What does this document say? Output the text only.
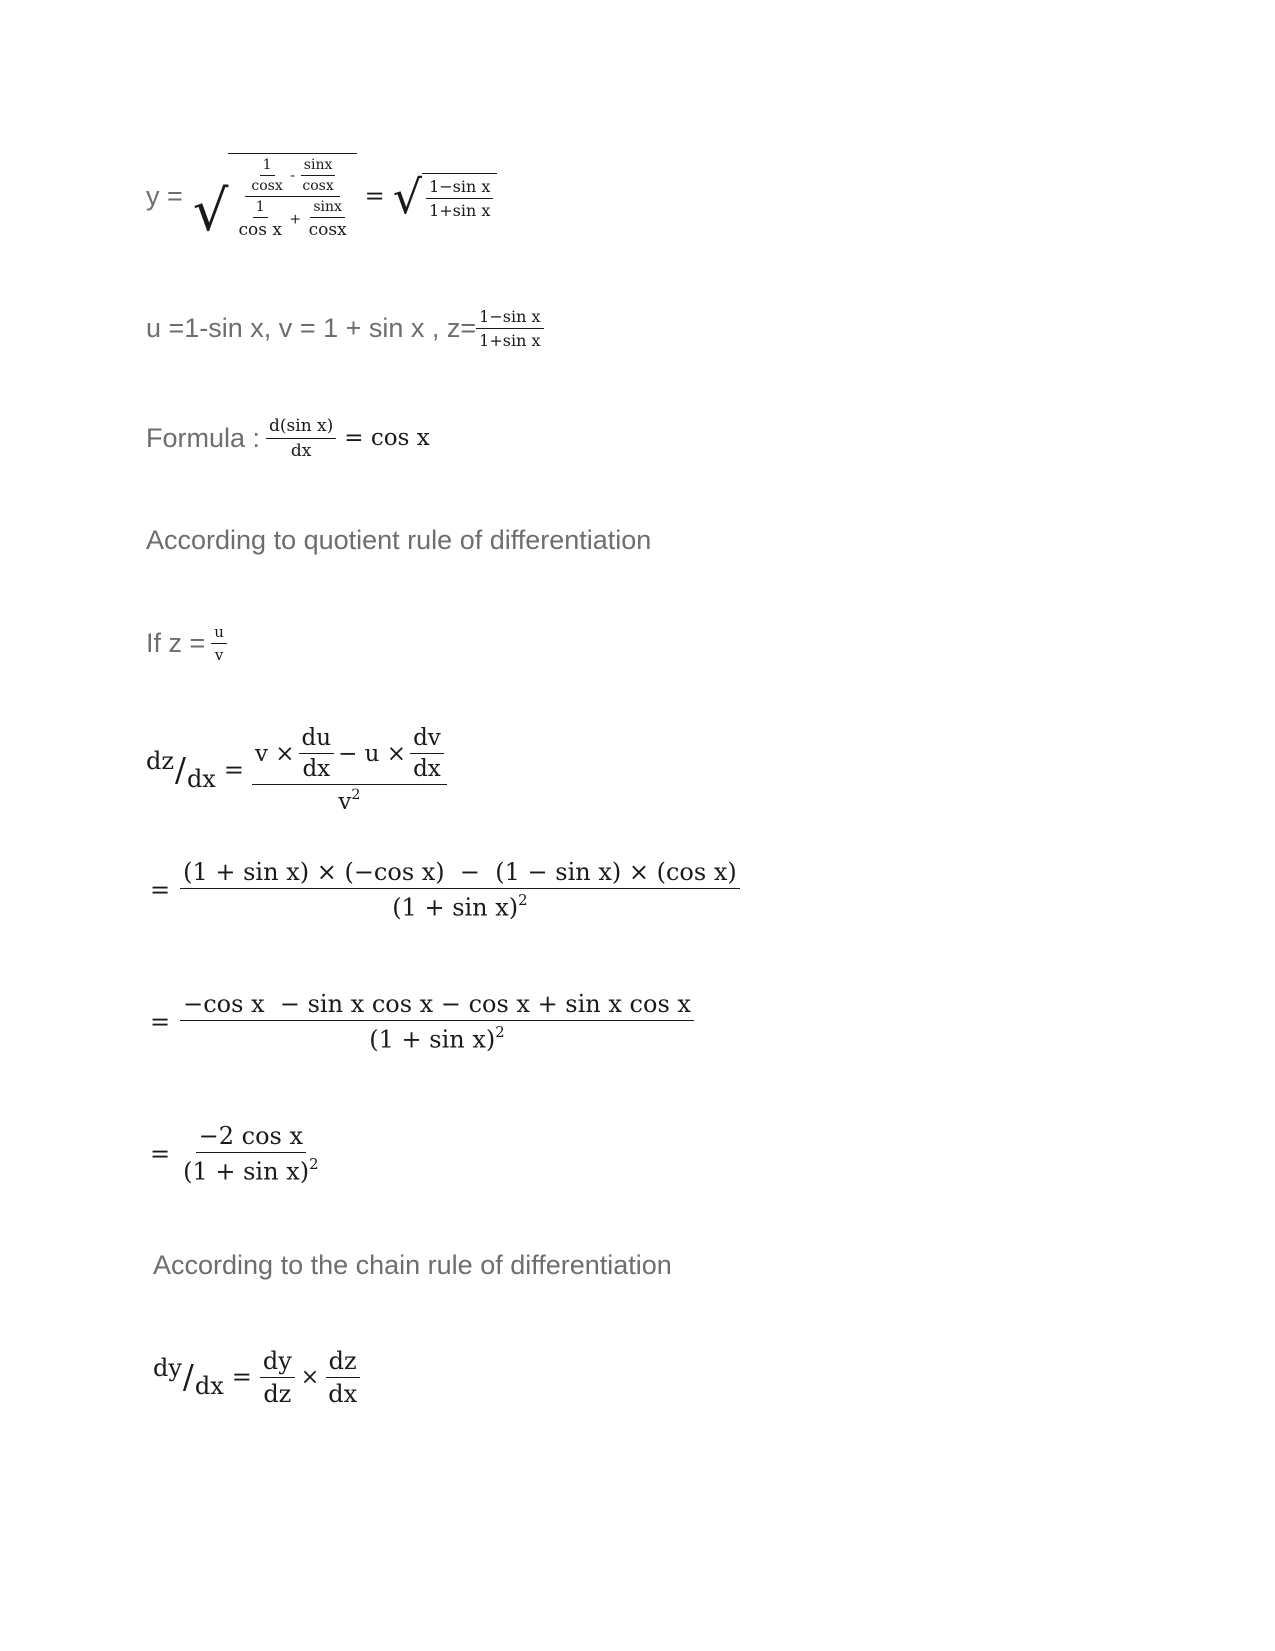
y = √ $\frac{\frac{1}{\cos x} - \frac{\sin x}{\cos x}}{\frac{1}{\text{cos x}} + \frac{\sin x}{\cos x}}$ = √ $\frac{\text{1−sin x}}{\text{1+sin x}}$
u =1-sin x, v = 1 + sin x , $z= \frac{\text{1−sin x}}{\text{1+sin x}}$
Formula : $\frac{\text{d(sin x)}}{dx} = \cos x$
According to quotient rule of differentiation
If $z = \frac{u}{v}$
dz / dx = $\frac{v \times \frac{du}{dx} - u \times \frac{dv}{dx}}{v^2}$
= $\frac{\text{(1 + sin x) × (−cos x)  −  (1 − sin x) × (cos x)}}{(1 + \sin x)^2}$
= $\frac{\text{−cos x  − sin x cos x − cos x + sin x cos x}}{(1 + \sin x)^2}$
= $\frac{\text{−2 cos x}}{(1 + \sin x)^2}$
According to the chain rule of differentiation
dy / dx = $\frac{dy}{dz} \times \frac{dz}{dx}$
